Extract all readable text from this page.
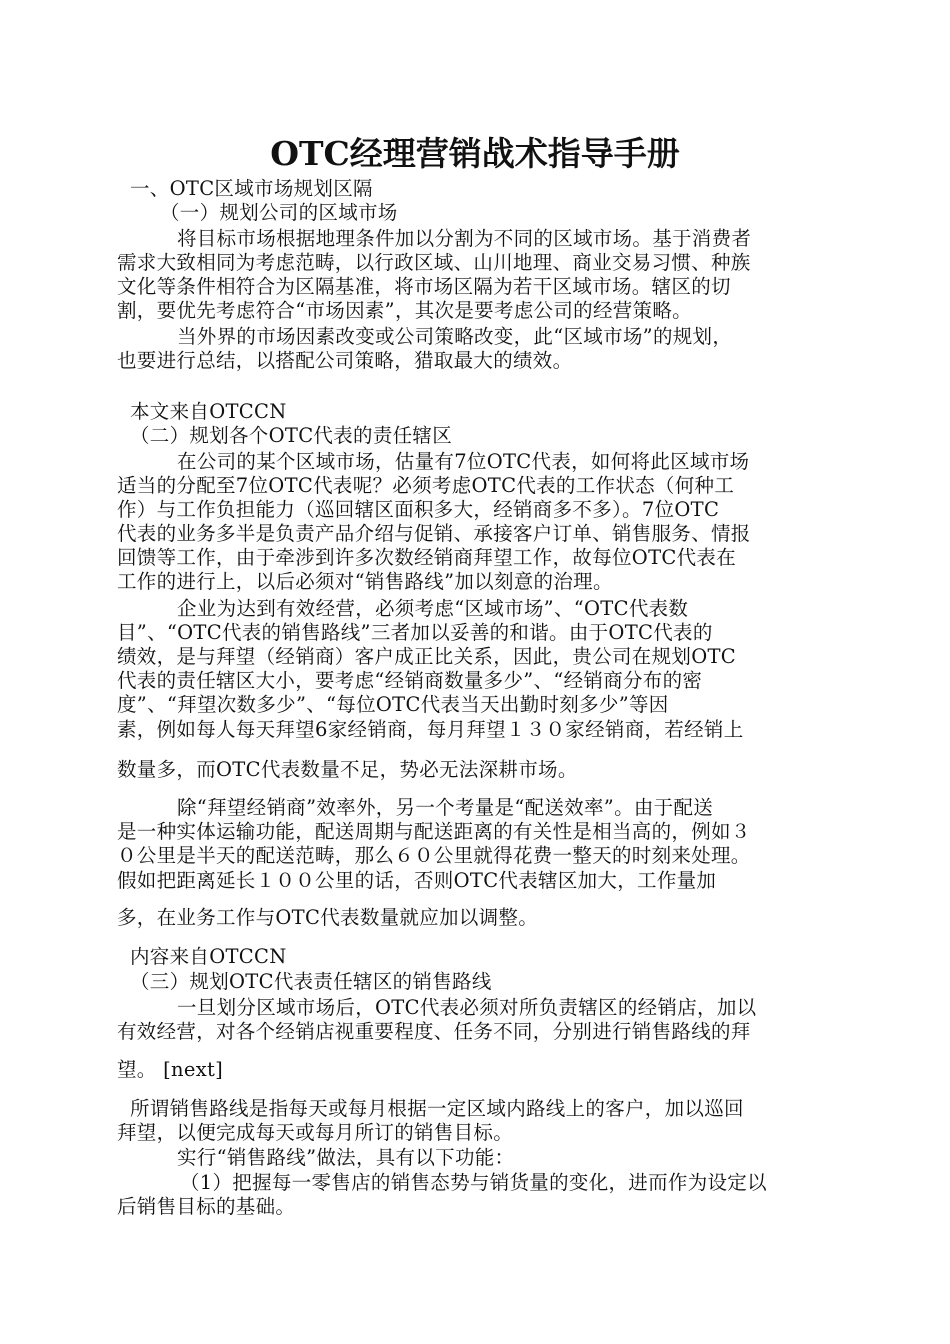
OTC经理营销战术指导手册
一、OTC区域市场规划区隔
（一）规划公司的区域市场
将目标市场根据地理条件加以分割为不同的区域市场。基于消费者
需求大致相同为考虑范畴，以行政区域、山川地理、商业交易习惯、种族
文化等条件相符合为区隔基准，将市场区隔为若干区域市场。辖区的切
割，要优先考虑符合“市场因素”，其次是要考虑公司的经营策略。
当外界的市场因素改变或公司策略改变，此“区域市场”的规划，
也要进行总结，以搭配公司策略，猎取最大的绩效。
本文来自OTCCN
（二）规划各个OTC代表的责任辖区
在公司的某个区域市场，估量有7位OTC代表，如何将此区域市场
适当的分配至7位OTC代表呢？必须考虑OTC代表的工作状态（何种工
作）与工作负担能力（巡回辖区面积多大，经销商多不多）。7位OTC
代表的业务多半是负责产品介绍与促销、承接客户订单、销售服务、情报
回馈等工作，由于牵涉到许多次数经销商拜望工作，故每位OTC代表在
工作的进行上，以后必须对“销售路线”加以刻意的治理。
企业为达到有效经营，必须考虑“区域市场”、“OTC代表数
目”、“OTC代表的销售路线”三者加以妥善的和谐。由于OTC代表的
绩效，是与拜望（经销商）客户成正比关系，因此，贵公司在规划OTC
代表的责任辖区大小，要考虑“经销商数量多少”、“经销商分布的密
度”、“拜望次数多少”、“每位OTC代表当天出勤时刻多少”等因
素，例如每人每天拜望6家经销商，每月拜望１３０家经销商，若经销上
数量多，而OTC代表数量不足，势必无法深耕市场。
除“拜望经销商”效率外，另一个考量是“配送效率”。由于配送
是一种实体运输功能，配送周期与配送距离的有关性是相当高的，例如３
０公里是半天的配送范畴，那么６０公里就得花费一整天的时刻来处理。
假如把距离延长１００公里的话，否则OTC代表辖区加大，工作量加
多，在业务工作与OTC代表数量就应加以调整。
内容来自OTCCN
（三）规划OTC代表责任辖区的销售路线
一旦划分区域市场后，OTC代表必须对所负责辖区的经销店，加以
有效经营，对各个经销店视重要程度、任务不同，分别进行销售路线的拜
望。 [next]
所谓销售路线是指每天或每月根据一定区域内路线上的客户，加以巡回
拜望，以便完成每天或每月所订的销售目标。
实行“销售路线”做法，具有以下功能：
（1）把握每一零售店的销售态势与销货量的变化，进而作为设定以
后销售目标的基础。
